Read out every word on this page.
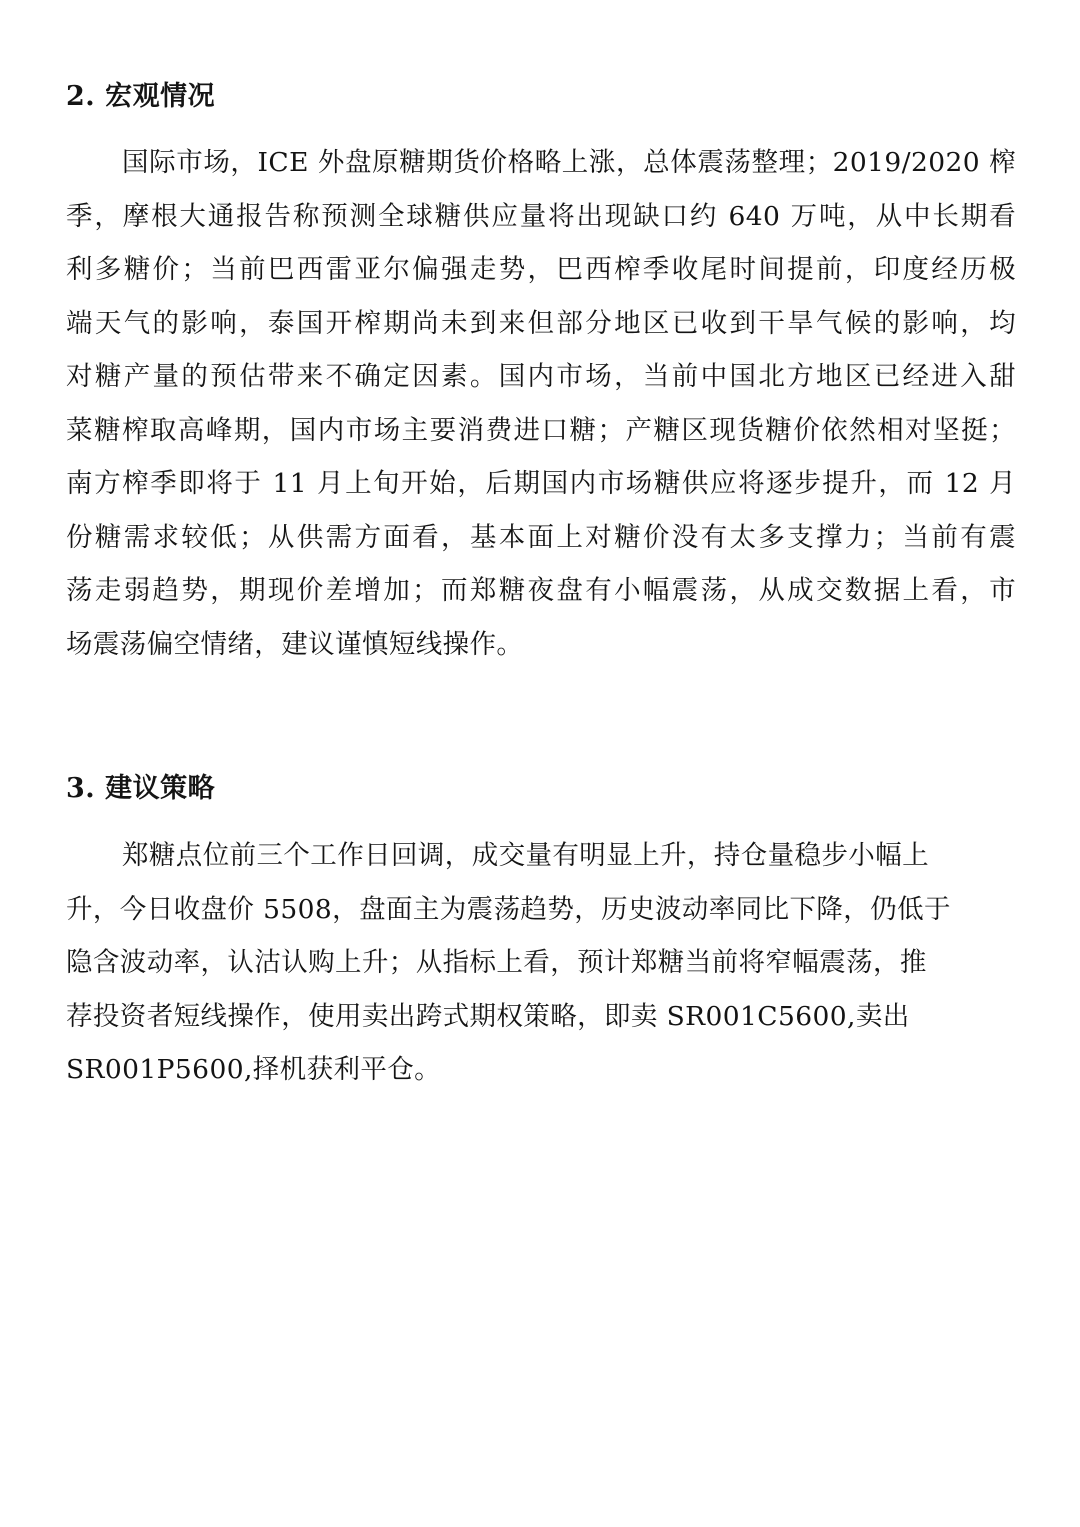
2. 宏观情况
国际市场，ICE 外盘原糖期货价格略上涨，总体震荡整理；2019/2020 榨
季，摩根大通报告称预测全球糖供应量将出现缺口约 640 万吨，从中长期看
利多糖价；当前巴西雷亚尔偏强走势，巴西榨季收尾时间提前，印度经历极
端天气的影响，泰国开榨期尚未到来但部分地区已收到干旱气候的影响，均
对糖产量的预估带来不确定因素。国内市场，当前中国北方地区已经进入甜
菜糖榨取高峰期，国内市场主要消费进口糖；产糖区现货糖价依然相对坚挺；
南方榨季即将于 11 月上旬开始，后期国内市场糖供应将逐步提升，而 12 月
份糖需求较低；从供需方面看，基本面上对糖价没有太多支撑力；当前有震
荡走弱趋势，期现价差增加；而郑糖夜盘有小幅震荡，从成交数据上看，市
场震荡偏空情绪，建议谨慎短线操作。
3. 建议策略
郑糖点位前三个工作日回调，成交量有明显上升，持仓量稳步小幅上
升，今日收盘价 5508，盘面主为震荡趋势，历史波动率同比下降，仍低于
隐含波动率，认沽认购上升；从指标上看，预计郑糖当前将窄幅震荡，推
荐投资者短线操作，使用卖出跨式期权策略，即卖 SR001C5600,卖出
SR001P5600,择机获利平仓。
